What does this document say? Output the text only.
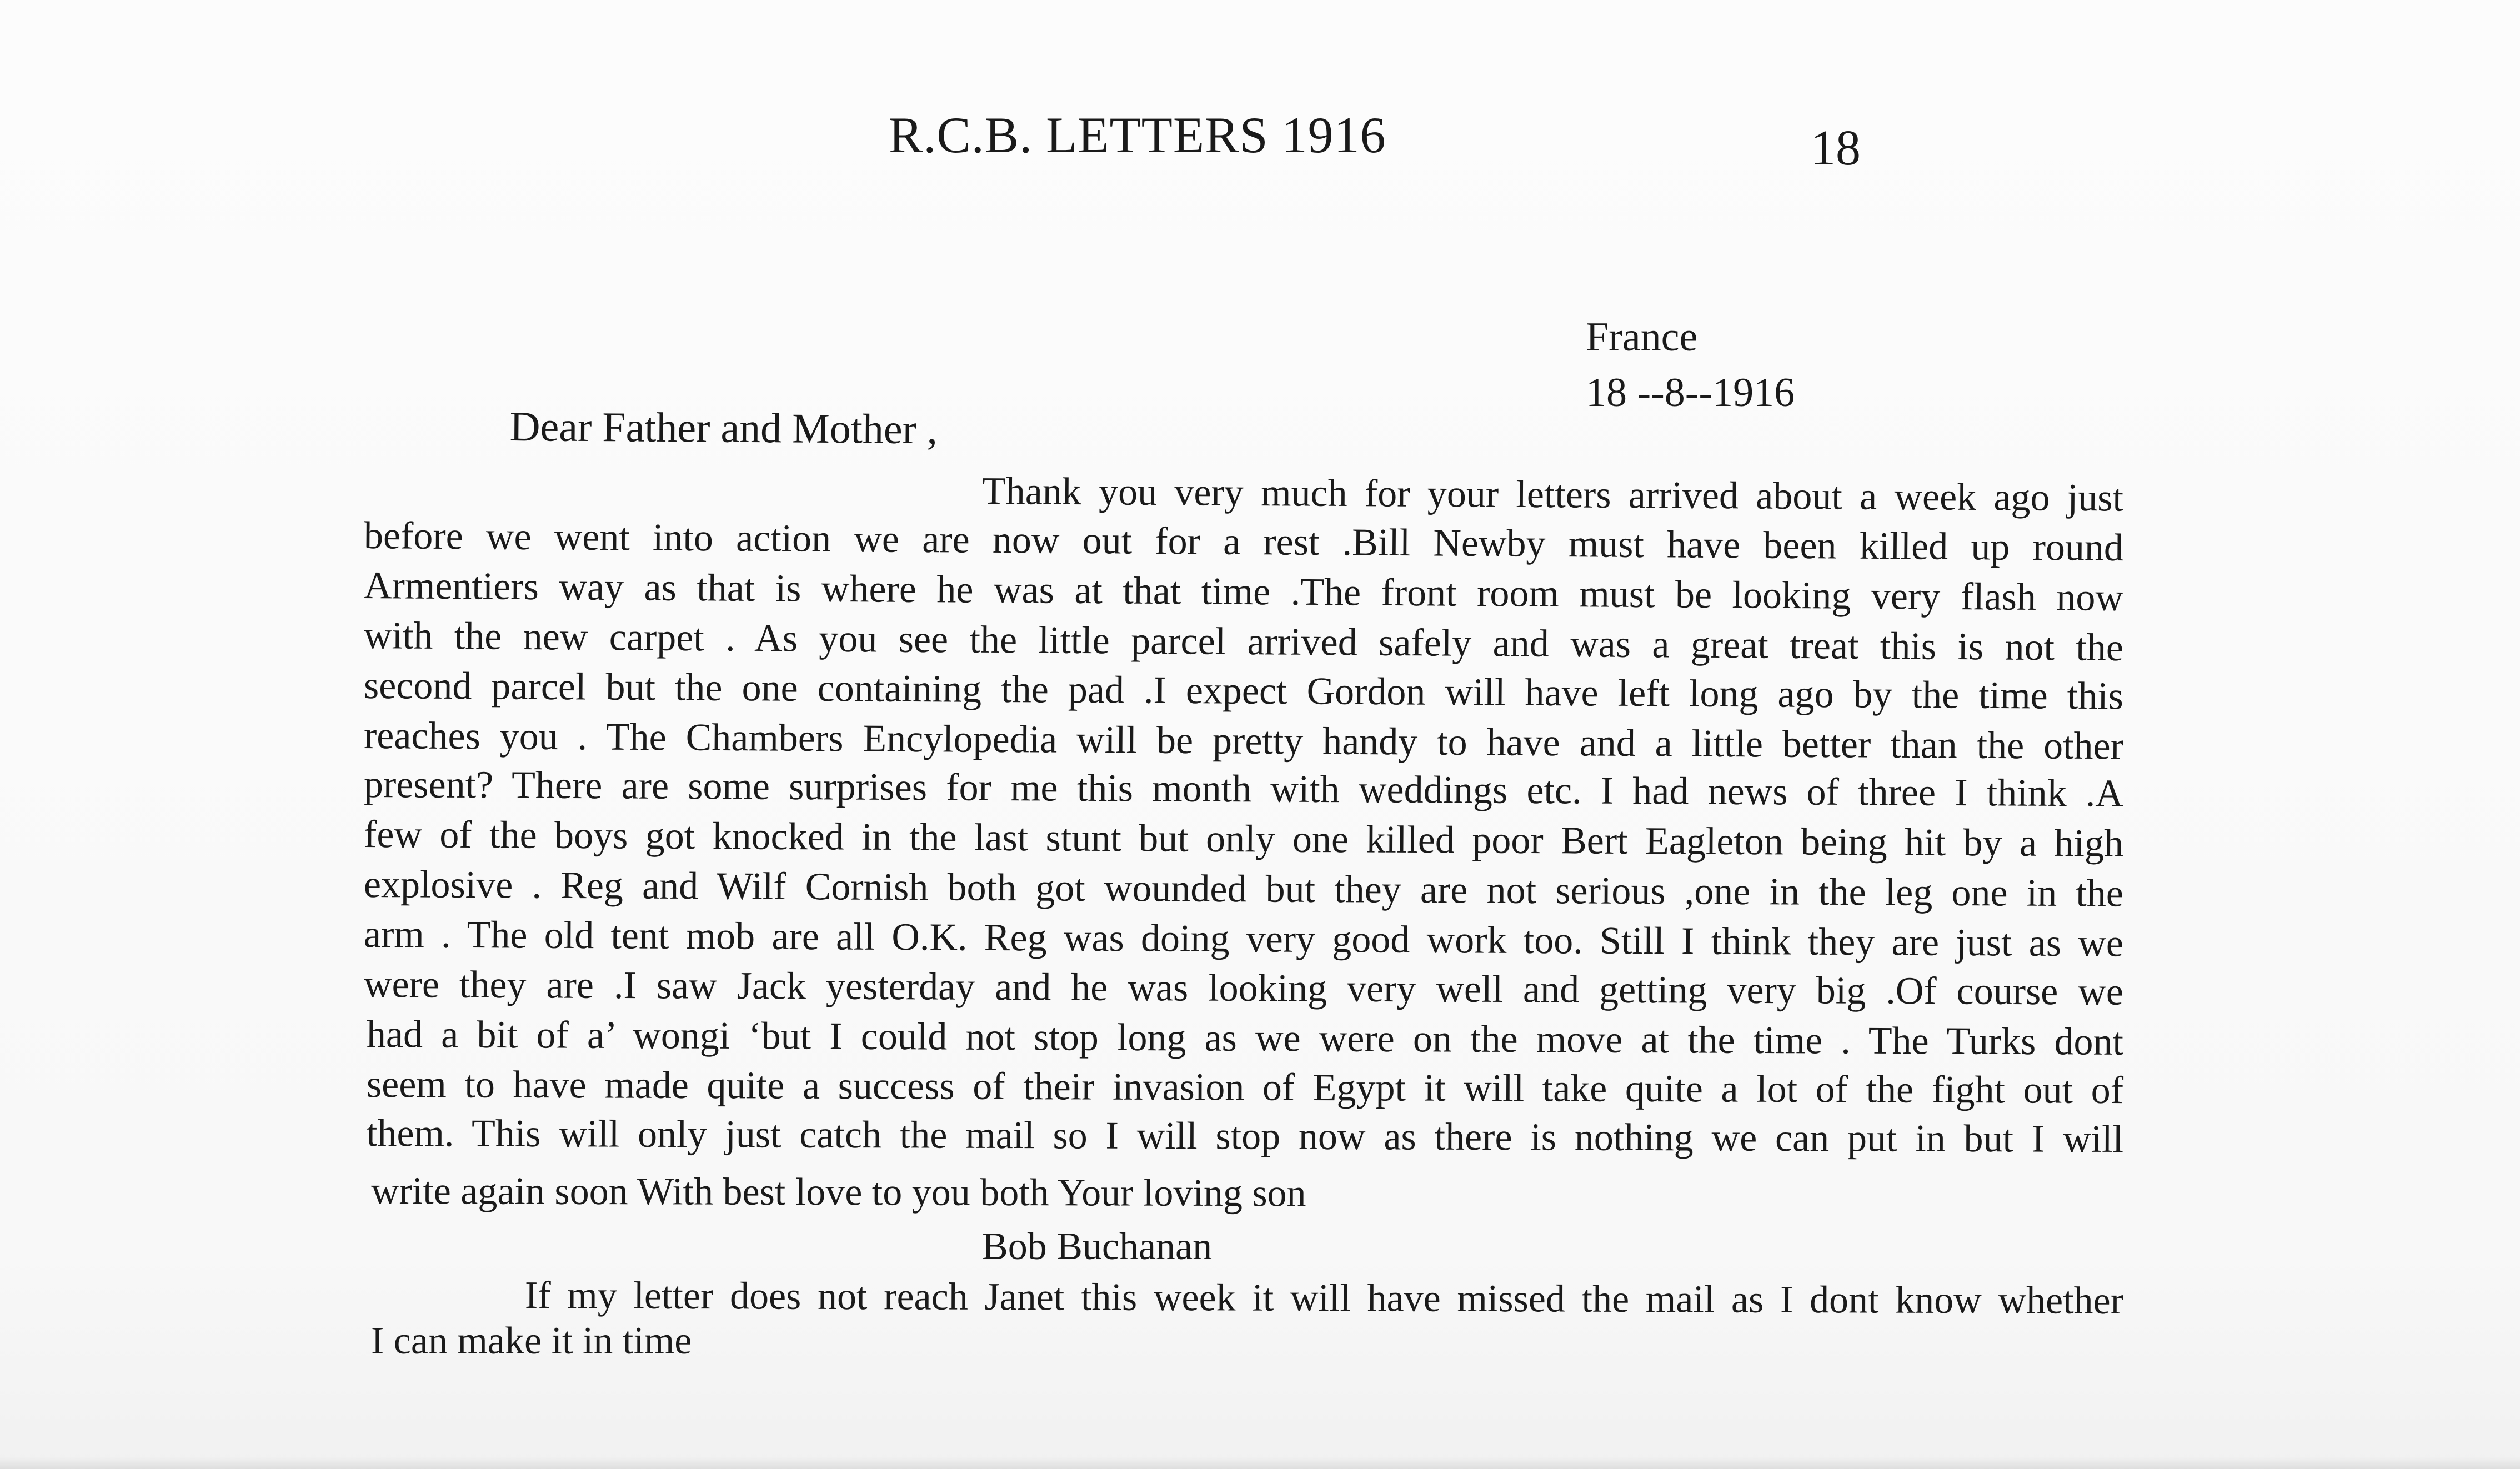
R.C.B. LETTERS 1916	18
France
18 --8--1916
Dear Father and Mother ,
Thank you very much for your letters arrived about a week ago just
before we went into action we are now out for a rest .Bill Newby must have been killed up round
Armentiers way as that is where he was at that time .The front room must be looking very flash now
with the new carpet . As you see the little parcel arrived safely and was a great treat this is not the
second parcel but the one containing the pad .I expect Gordon will have left long ago by the time this
reaches you . The Chambers Encylopedia will be pretty handy to have and a little better than the other
present? There are some surprises for me this month with weddings etc. I had news of three I think .A
few of the boys got knocked in the last stunt but only one killed poor Bert Eagleton being hit by a high
explosive . Reg and Wilf Cornish both got wounded but they are not serious ,one in the leg one in the
arm . The old tent mob are all O.K. Reg was doing very good work too. Still I think they are just as we
were they are .I saw Jack yesterday and he was looking very well and getting very big .Of course we
had a bit of a’ wongi ‘but I could not stop long as we were on the move at the time . The Turks dont
seem to have made quite a success of their invasion of Egypt it will take quite a lot of the fight out of
them. This will only just catch the mail so I will stop now as there is nothing we can put in but I will
write again soon With best love to you both Your loving son
Bob Buchanan
If my letter does not reach Janet this week it will have missed the mail as I dont know whether
I can make it in time
